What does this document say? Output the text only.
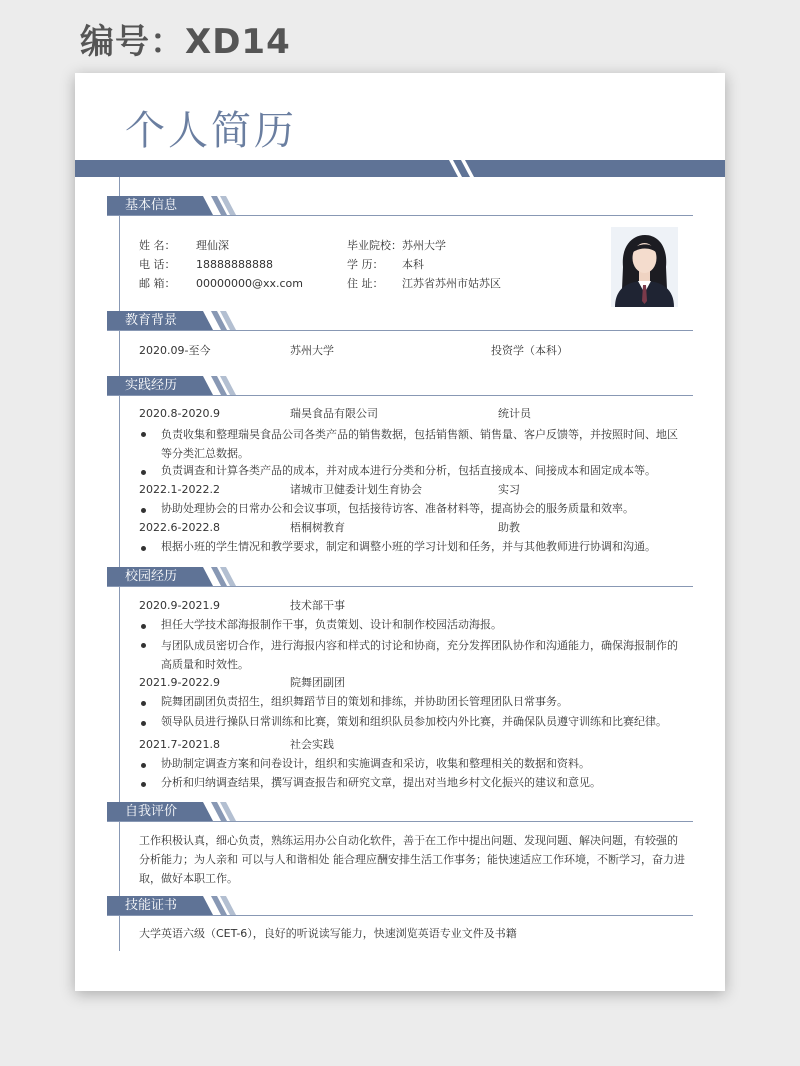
编号：XD14
个人简历
基本信息
姓 名： 理仙深
电 话： 18888888888
邮 箱： 00000000@xx.com
毕业院校： 苏州大学
学 历： 本科
住 址： 江苏省苏州市姑苏区
教育背景
2020.09-至今	苏州大学	投资学（本科）
实践经历
2020.8-2020.9	瑞昊食品有限公司	统计员
负责收集和整理瑞昊食品公司各类产品的销售数据，包括销售额、销售量、客户反馈等，并按照时间、地区等分类汇总数据。
负责调查和计算各类产品的成本，并对成本进行分类和分析，包括直接成本、间接成本和固定成本等。
2022.1-2022.2	诸城市卫健委计划生育协会	实习
协助处理协会的日常办公和会议事项，包括接待访客、准备材料等，提高协会的服务质量和效率。
2022.6-2022.8	梧桐树教育	助教
根据小班的学生情况和教学要求，制定和调整小班的学习计划和任务，并与其他教师进行协调和沟通。
校园经历
2020.9-2021.9	技术部干事
担任大学技术部海报制作干事，负责策划、设计和制作校园活动海报。
与团队成员密切合作，进行海报内容和样式的讨论和协商，充分发挥团队协作和沟通能力，确保海报制作的高质量和时效性。
2021.9-2022.9	院舞团副团
院舞团副团负责招生，组织舞蹈节目的策划和排练，并协助团长管理团队日常事务。
领导队员进行操队日常训练和比赛，策划和组织队员参加校内外比赛，并确保队员遵守训练和比赛纪律。
2021.7-2021.8	社会实践
协助制定调查方案和问卷设计，组织和实施调查和采访，收集和整理相关的数据和资料。
分析和归纳调查结果，撰写调查报告和研究文章，提出对当地乡村文化振兴的建议和意见。
自我评价
工作积极认真，细心负责，熟练运用办公自动化软件，善于在工作中提出问题、发现问题、解决问题，有较强的分析能力；为人亲和 可以与人和谐相处 能合理应酬安排生活工作事务；能快速适应工作环境，不断学习，奋力进取，做好本职工作。
技能证书
大学英语六级（CET-6），良好的听说读写能力，快速浏览英语专业文件及书籍
